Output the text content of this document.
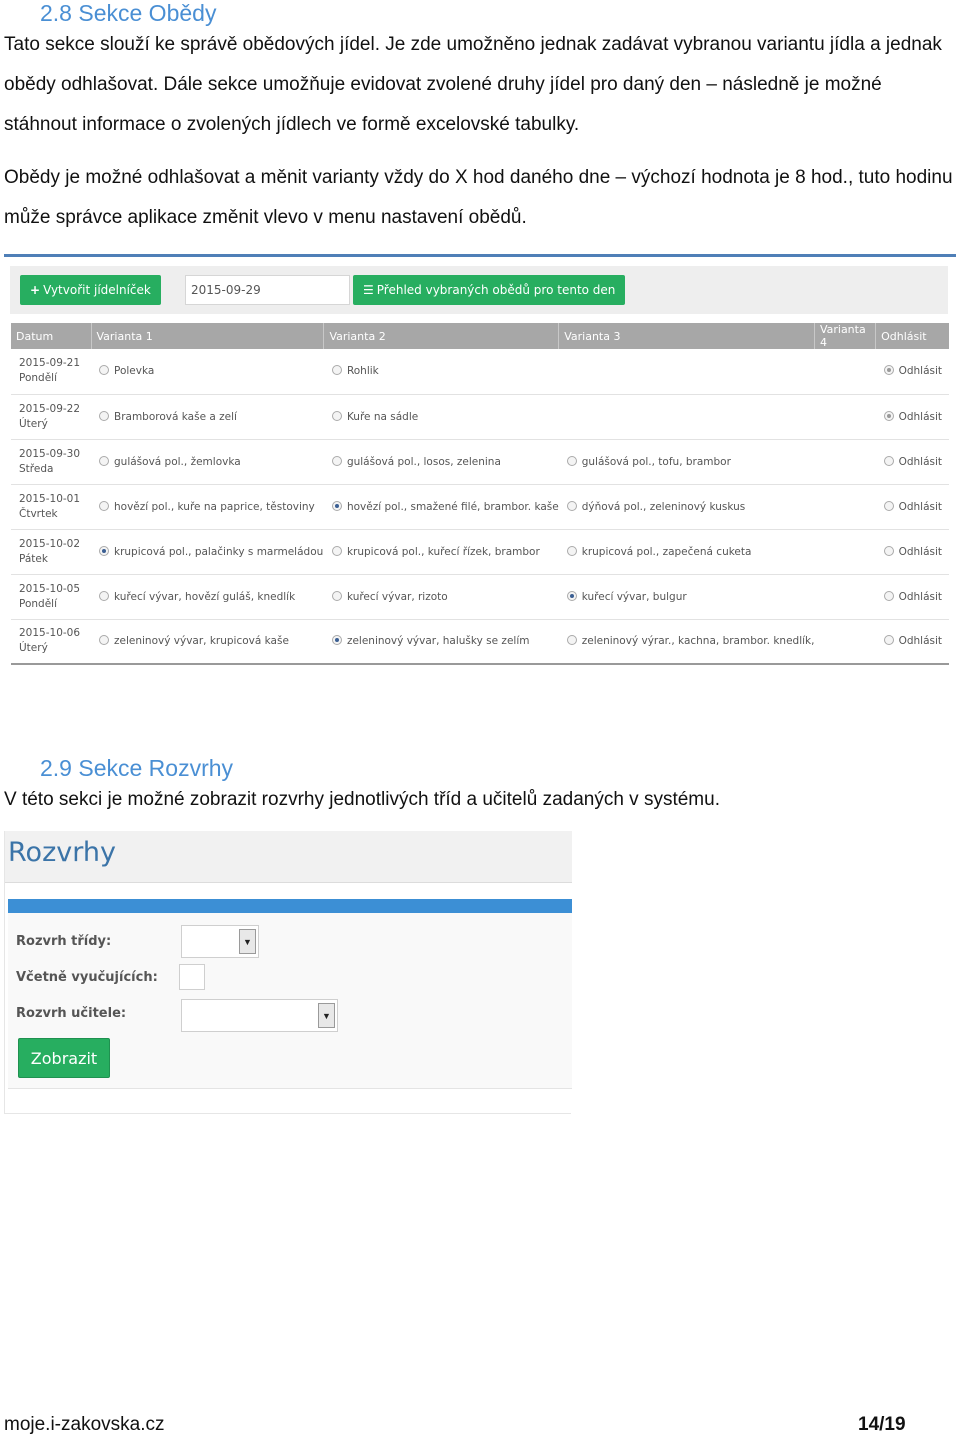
2.8 Sekce Obědy
Tato sekce slouží ke správě obědových jídel. Je zde umožněno jednak zadávat vybranou variantu jídla a jednak obědy odhlašovat. Dále sekce umožňuje evidovat zvolené druhy jídel pro daný den – následně je možné stáhnout informace o zvolených jídlech ve formě excelovské tabulky.
Obědy je možné odhlašovat a měnit varianty vždy do X hod daného dne – výchozí hodnota je 8 hod., tuto hodinu může správce aplikace změnit vlevo v menu nastavení obědů.
+ Vytvořit jídelníček	2015-09-29	☰ Přehled vybraných obědů pro tento den
Datum	Varianta 1	Varianta 2	Varianta 3	Varianta 4	Odhlásit

2015-09-21
Pondělí	Polevka	Rohlik			Odhlásit

2015-09-22
Úterý	Bramborová kaše a zelí	Kuře na sádle			Odhlásit

2015-09-30
Středa	gulášová pol., žemlovka	gulášová pol., losos, zelenina	gulášová pol., tofu, brambor		Odhlásit

2015-10-01
Čtvrtek	hovězí pol., kuře na paprice, těstoviny	hovězí pol., smažené filé, brambor. kaše	dýňová pol., zeleninový kuskus		Odhlásit

2015-10-02
Pátek	krupicová pol., palačinky s marmeládou	krupicová pol., kuřecí řízek, brambor	krupicová pol., zapečená cuketa		Odhlásit

2015-10-05
Pondělí	kuřecí vývar, hovězí guláš, knedlík	kuřecí vývar, rizoto	kuřecí vývar, bulgur		Odhlásit

2015-10-06
Úterý	zeleninový vývar, krupicová kaše	zeleninový vývar, halušky se zelím	zeleninový výrar., kachna, brambor. knedlík,		Odhlásit
2.9 Sekce Rozvrhy
V této sekci je možné zobrazit rozvrhy jednotlivých tříd a učitelů zadaných v systému.
Rozvrhy
Rozvrh třídy:	▼
Včetně vyučujících:
Rozvrh učitele:	▼
Zobrazit
moje.i-zakovska.cz	14/19
